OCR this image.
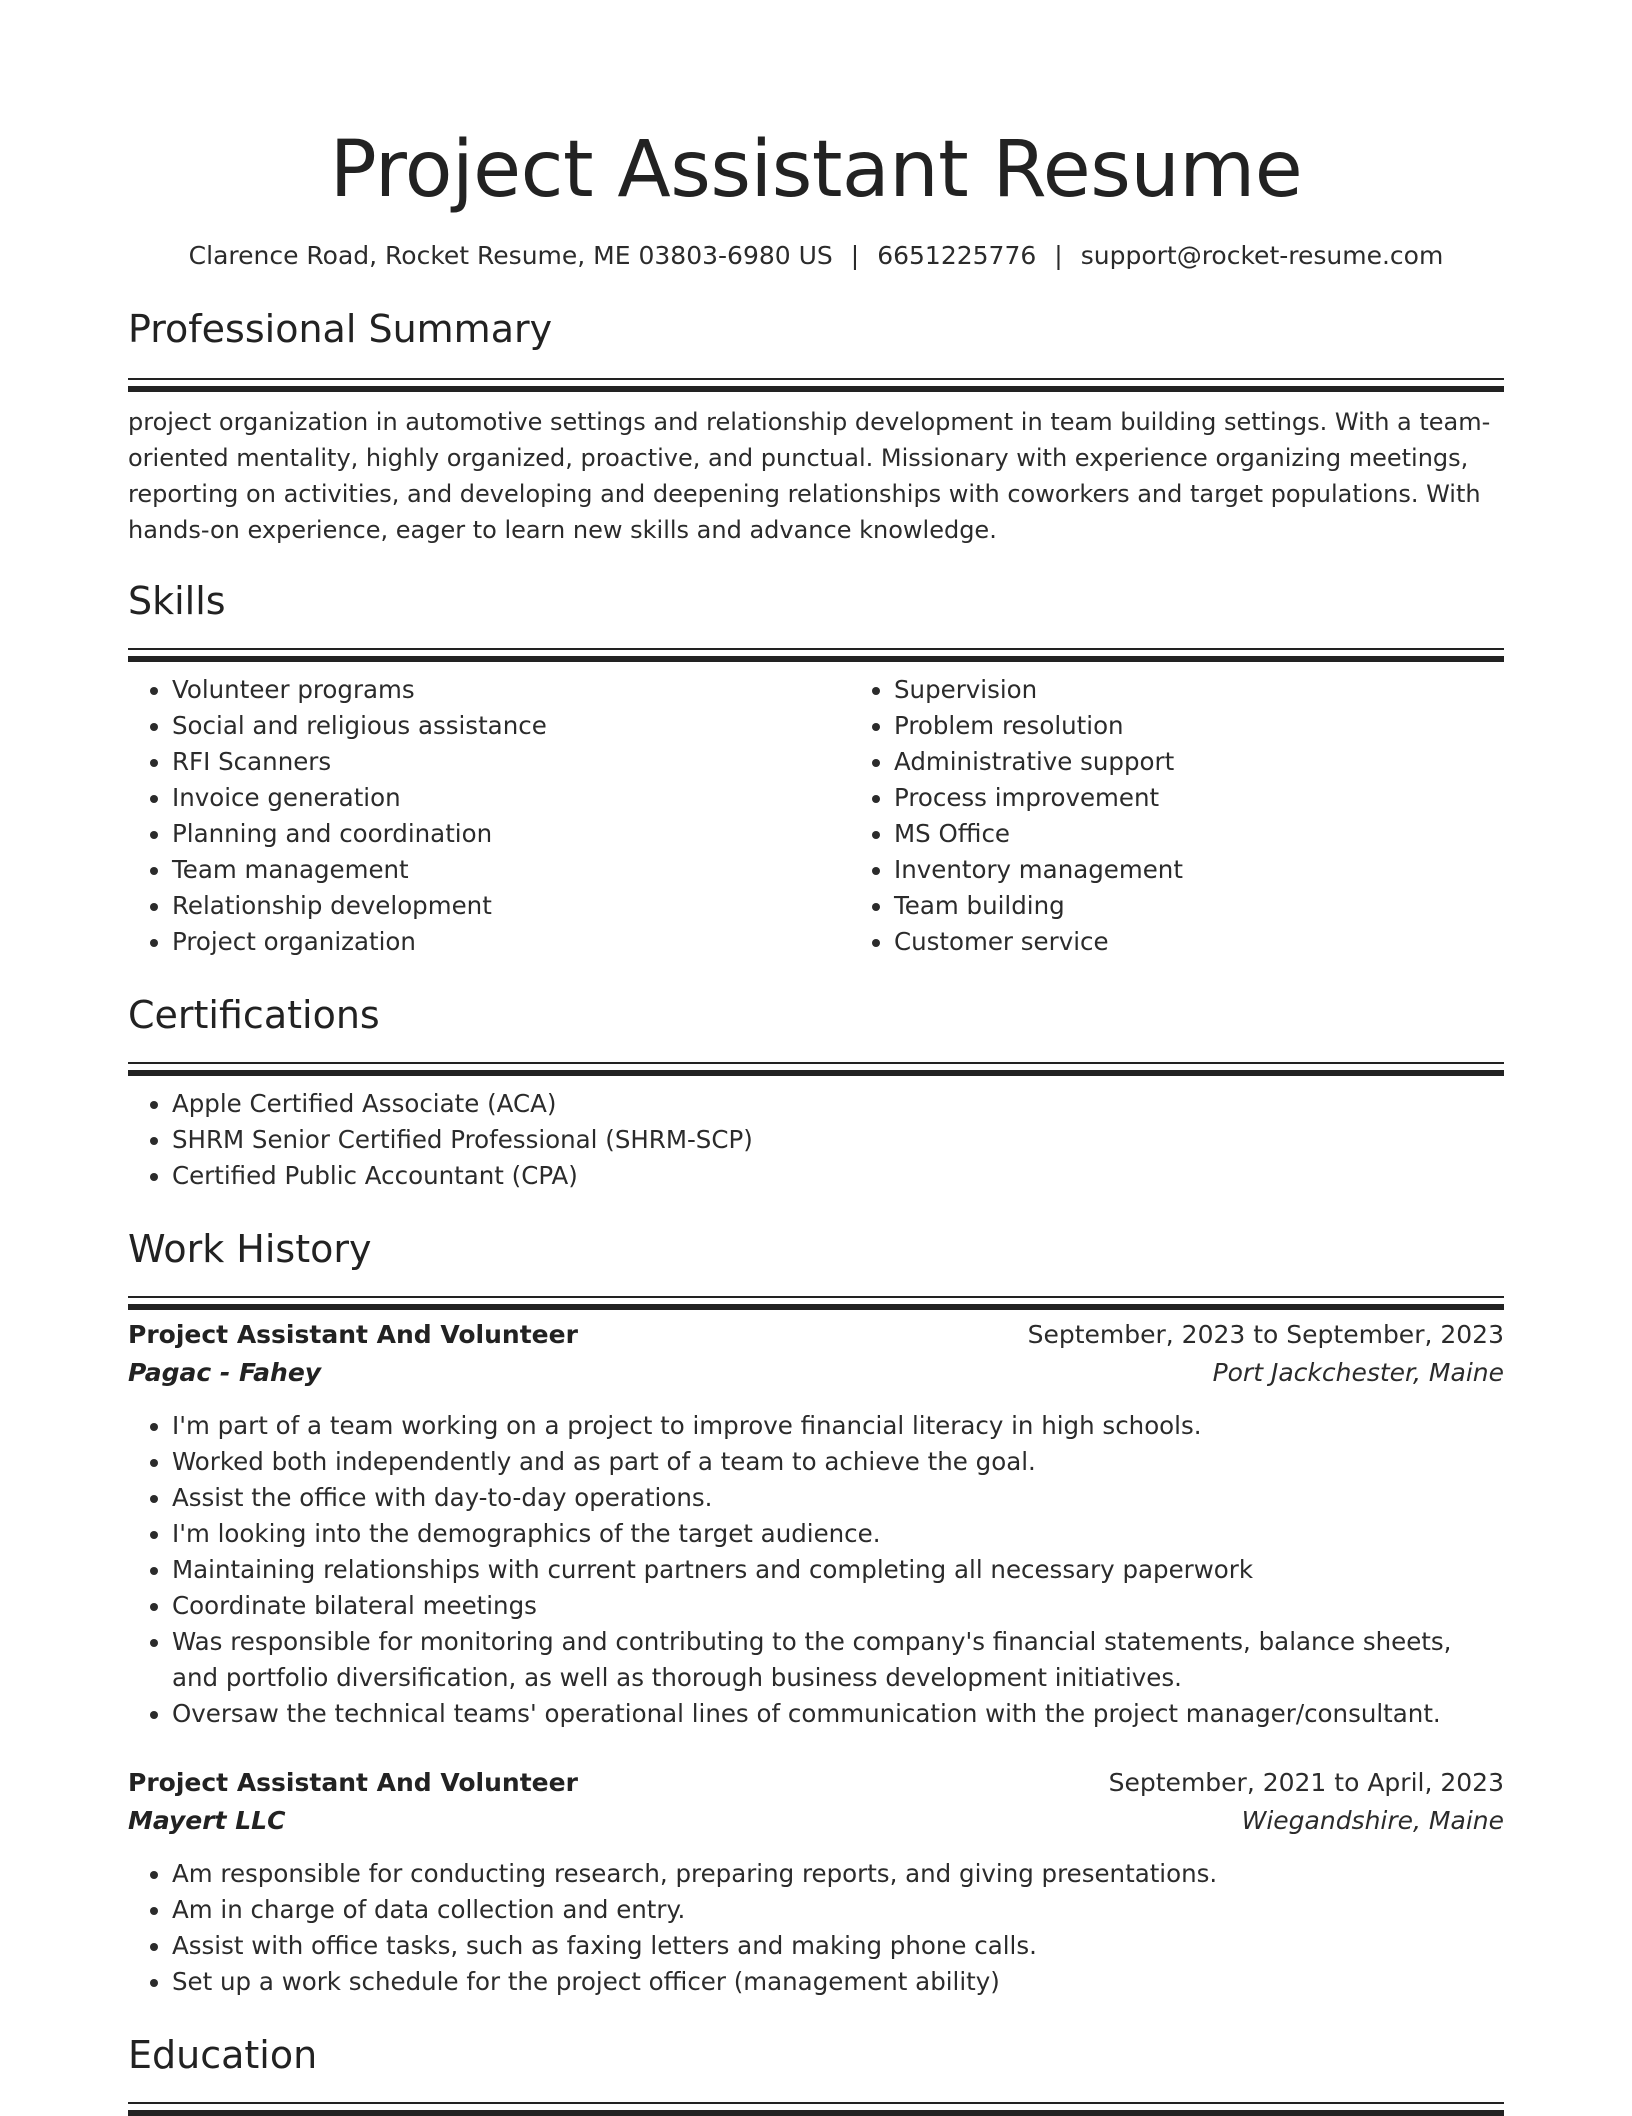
Project Assistant Resume
Clarence Road, Rocket Resume, ME 03803-6980 US | 6651225776 | support@rocket-resume.com
Professional Summary

project organization in automotive settings and relationship development in team building settings. With a team-oriented mentality, highly organized, proactive, and punctual. Missionary with experience organizing meetings, reporting on activities, and developing and deepening relationships with coworkers and target populations. With hands-on experience, eager to learn new skills and advance knowledge.

Skills
• Volunteer programs
• Social and religious assistance
• RFI Scanners
• Invoice generation
• Planning and coordination
• Team management
• Relationship development
• Project organization
• Supervision
• Problem resolution
• Administrative support
• Process improvement
• MS Office
• Inventory management
• Team building
• Customer service
Certifications
• Apple Certified Associate (ACA)
• SHRM Senior Certified Professional (SHRM-SCP)
• Certified Public Accountant (CPA)
Work History
Project Assistant And Volunteer	September, 2023 to September, 2023
Pagac - Fahey	Port Jackchester, Maine
• I'm part of a team working on a project to improve financial literacy in high schools.
• Worked both independently and as part of a team to achieve the goal.
• Assist the office with day-to-day operations.
• I'm looking into the demographics of the target audience.
• Maintaining relationships with current partners and completing all necessary paperwork
• Coordinate bilateral meetings
• Was responsible for monitoring and contributing to the company's financial statements, balance sheets, and portfolio diversification, as well as thorough business development initiatives.
• Oversaw the technical teams' operational lines of communication with the project manager/consultant.
Project Assistant And Volunteer	September, 2021 to April, 2023
Mayert LLC	Wiegandshire, Maine
• Am responsible for conducting research, preparing reports, and giving presentations.
• Am in charge of data collection and entry.
• Assist with office tasks, such as faxing letters and making phone calls.
• Set up a work schedule for the project officer (management ability)
Education
